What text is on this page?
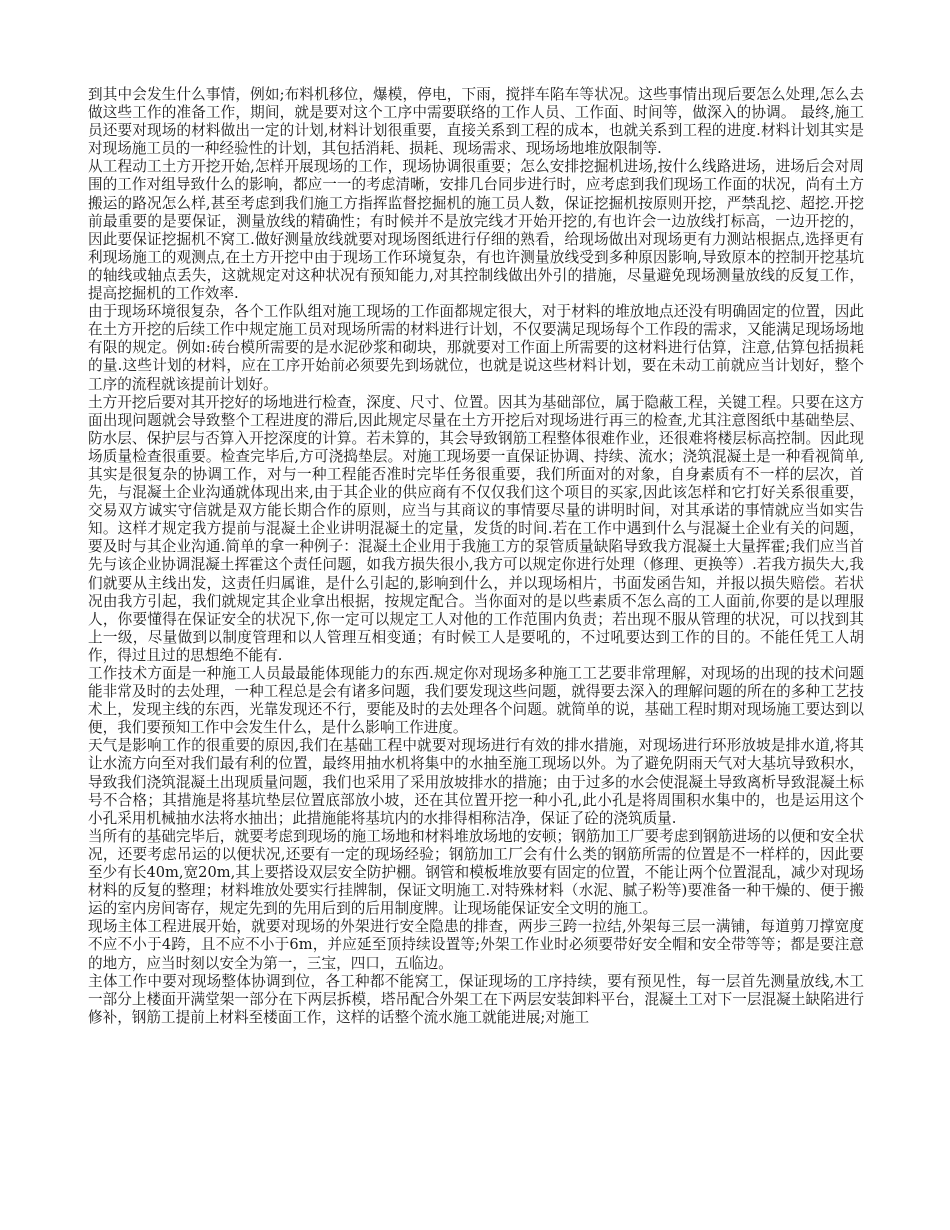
到其中会发生什么事情，例如;布料机移位，爆模，停电，下雨，搅拌车陷车等状况。这些事情出现后要怎么处理,怎么去做这些工作的准备工作，期间，就是要对这个工序中需要联络的工作人员、工作面、时间等，做深入的协调。 最终,施工员还要对现场的材料做出一定的计划,材料计划很重要，直接关系到工程的成本，也就关系到工程的进度.材料计划其实是对现场施工员的一种经验性的计划，其包括消耗、损耗、现场需求、现场场地堆放限制等.

从工程动工土方开挖开始,怎样开展现场的工作，现场协调很重要；怎么安排挖掘机进场,按什么线路进场，进场后会对周围的工作对组导致什么的影响，都应一一的考虑清晰，安排几台同步进行时，应考虑到我们现场工作面的状况，尚有土方搬运的路况怎么样,甚至考虑到我们施工方指挥监督挖掘机的施工员人数，保证挖掘机按原则开挖，严禁乱挖、超挖.开挖前最重要的是要保证，测量放线的精确性；有时候并不是放完线才开始开挖的,有也许会一边放线打标高，一边开挖的，因此要保证挖掘机不窝工.做好测量放线就要对现场图纸进行仔细的熟看，给现场做出对现场更有力测站根据点,选择更有利现场施工的观测点,在土方开挖中由于现场工作环境复杂，有也许测量放线受到多种原因影响,导致原本的控制开挖基坑的轴线或轴点丢失，这就规定对这种状况有预知能力,对其控制线做出外引的措施，尽量避免现场测量放线的反复工作，提高挖掘机的工作效率.

由于现场环境很复杂，各个工作队组对施工现场的工作面都规定很大，对于材料的堆放地点还没有明确固定的位置，因此在土方开挖的后续工作中规定施工员对现场所需的材料进行计划，不仅要满足现场每个工作段的需求，又能满足现场场地有限的规定。例如:砖台模所需要的是水泥砂浆和砌块，那就要对工作面上所需要的这材料进行估算，注意,估算包括损耗的量.这些计划的材料，应在工序开始前必须要先到场就位，也就是说这些材料计划，要在未动工前就应当计划好，整个工序的流程就该提前计划好。

土方开挖后要对其开挖好的场地进行检查，深度、尺寸、位置。因其为基础部位，属于隐蔽工程，关键工程。只要在这方面出现问题就会导致整个工程进度的滞后,因此规定尽量在土方开挖后对现场进行再三的检查,尤其注意图纸中基础垫层、防水层、保护层与否算入开挖深度的计算。若未算的，其会导致钢筋工程整体很难作业，还很难将楼层标高控制。因此现场质量检查很重要。检查完毕后,方可浇捣垫层。对施工现场要一直保证协调、持续、流水；浇筑混凝土是一种看视简单,其实是很复杂的协调工作，对与一种工程能否准时完毕任务很重要，我们所面对的对象，自身素质有不一样的层次，首先，与混凝土企业沟通就体现出来,由于其企业的供应商有不仅仅我们这个项目的买家,因此该怎样和它打好关系很重要，交易双方诚实守信就是双方能长期合作的原则，应当与其商议的事情要尽量的讲明时间，对其承诺的事情就应当如实告知。这样才规定我方提前与混凝土企业讲明混凝土的定量，发货的时间.若在工作中遇到什么与混凝土企业有关的问题，要及时与其企业沟通.简单的拿一种例子：混凝土企业用于我施工方的泵管质量缺陷导致我方混凝土大量挥霍;我们应当首先与该企业协调混凝土挥霍这个责任问题，如我方损失很小,我方可以规定你进行处理（修理、更换等）.若我方损失大,我们就要从主线出发，这责任归属谁，是什么引起的,影响到什么，并以现场相片，书面发函告知，并报以损失赔偿。若状况由我方引起，我们就规定其企业拿出根据，按规定配合。当你面对的是以些素质不怎么高的工人面前,你要的是以理服人，你要懂得在保证安全的状况下,你一定可以规定工人对他的工作范围内负责；若出现不服从管理的状况，可以找到其上一级，尽量做到以制度管理和以人管理互相变通；有时候工人是要吼的，不过吼要达到工作的目的。不能任凭工人胡作，得过且过的思想绝不能有.

工作技术方面是一种施工人员最最能体现能力的东西.规定你对现场多种施工工艺要非常理解，对现场的出现的技术问题能非常及时的去处理，一种工程总是会有诸多问题，我们要发现这些问题，就得要去深入的理解问题的所在的多种工艺技术上，发现主线的东西，光靠发现还不行，要能及时的去处理各个问题。就简单的说，基础工程时期对现场施工要达到以便，我们要预知工作中会发生什么，是什么影响工作进度。

天气是影响工作的很重要的原因,我们在基础工程中就要对现场进行有效的排水措施，对现场进行环形放坡是排水道,将其让水流方向至对我们最有利的位置，最终用抽水机将集中的水抽至施工现场以外。为了避免阴雨天气对大基坑导致积水，导致我们浇筑混凝土出现质量问题，我们也采用了采用放坡排水的措施；由于过多的水会使混凝土导致离析导致混凝土标号不合格；其措施是将基坑垫层位置底部放小坡，还在其位置开挖一种小孔,此小孔是将周围积水集中的，也是运用这个小孔采用机械抽水法将水抽出；此措施能将基坑内的水排得相称洁净，保证了砼的浇筑质量.

当所有的基础完毕后，就要考虑到现场的施工场地和材料堆放场地的安顿；钢筋加工厂要考虑到钢筋进场的以便和安全状况，还要考虑吊运的以便状况,还要有一定的现场经验；钢筋加工厂会有什么类的钢筋所需的位置是不一样样的，因此要至少有长40m,宽20m,其上要搭设双层安全防护棚。钢管和模板堆放要有固定的位置，不能让两个位置混乱，减少对现场材料的反复的整理；材料堆放处要实行挂牌制，保证文明施工.对特殊材料（水泥、腻子粉等)要准备一种干燥的、便于搬运的室内房间寄存，规定先到的先用后到的后用制度牌。让现场能保证安全文明的施工。

现场主体工程进展开始，就要对现场的外架进行安全隐患的排查，两步三跨一拉结,外架每三层一满铺，每道剪刀撑宽度不应不小于4跨，且不应不小于6m，并应延至顶持续设置等;外架工作业时必须要带好安全帽和安全带等等；都是要注意的地方，应当时刻以安全为第一，三宝，四口，五临边。

主体工作中要对现场整体协调到位，各工种都不能窝工，保证现场的工序持续，要有预见性，每一层首先测量放线,木工一部分上楼面开满堂架一部分在下两层拆模，塔吊配合外架工在下两层安装卸料平台，混凝土工对下一层混凝土缺陷进行修补，钢筋工提前上材料至楼面工作，这样的话整个流水施工就能进展;对施工
